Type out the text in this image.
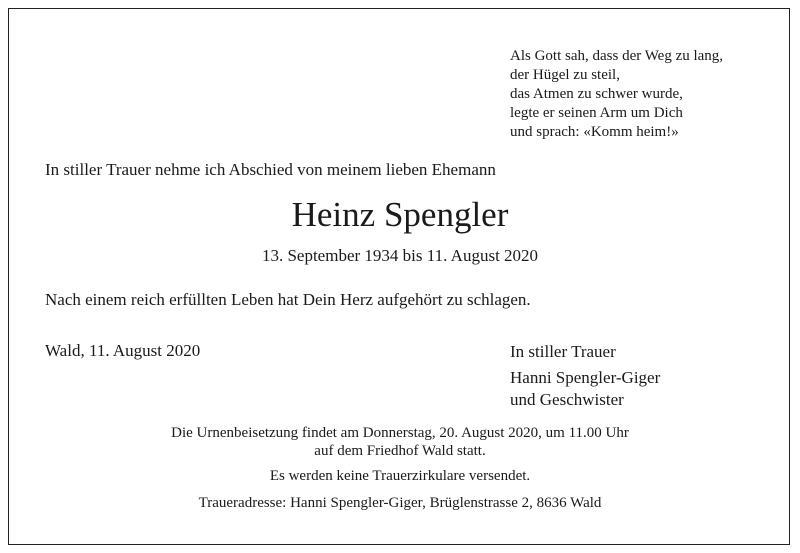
Als Gott sah, dass der Weg zu lang,
der Hügel zu steil,
das Atmen zu schwer wurde,
legte er seinen Arm um Dich
und sprach: «Komm heim!»
In stiller Trauer nehme ich Abschied von meinem lieben Ehemann
Heinz Spengler
13. September 1934 bis 11. August 2020
Nach einem reich erfüllten Leben hat Dein Herz aufgehört zu schlagen.
Wald, 11. August 2020	In stiller Trauer
Hanni Spengler-Giger
und Geschwister
Die Urnenbeisetzung findet am Donnerstag, 20. August 2020, um 11.00 Uhr
auf dem Friedhof Wald statt.
Es werden keine Trauerzirkulare versendet.
Traueradresse: Hanni Spengler-Giger, Brüglenstrasse 2, 8636 Wald
